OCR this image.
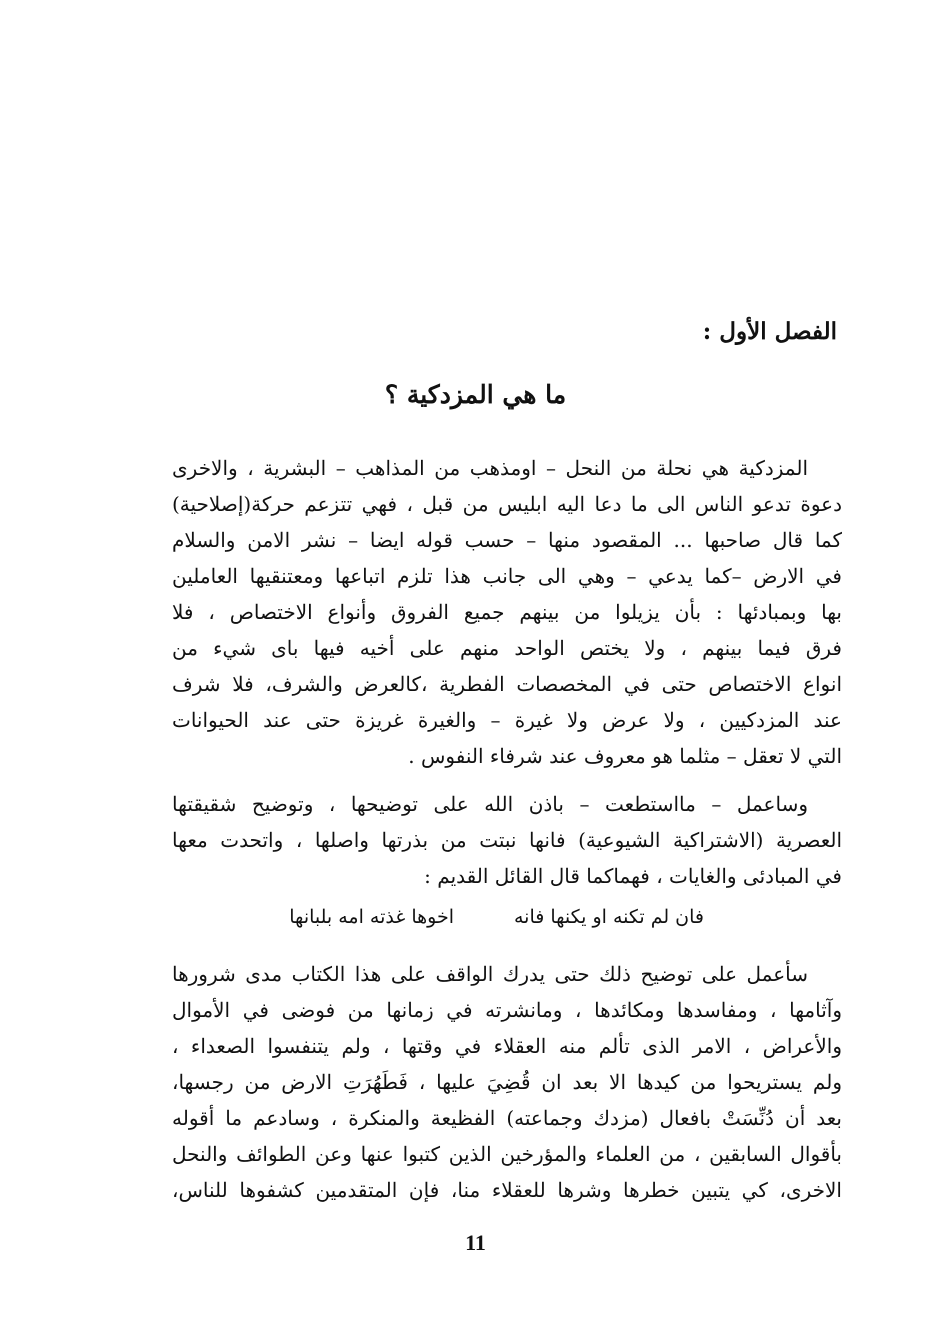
الفصل الأول :
ما هي المزدكية ؟
المزدكية هي نحلة من النحل – اومذهب من المذاهب – البشرية ، والاخرى
دعوة تدعو الناس الى ما دعا اليه ابليس من قبل ، فهي تتزعم حركة(إصلاحية)
كما قال صاحبها ... المقصود منها – حسب قوله ايضا – نشر الامن والسلام
في الارض –كما يدعي – وهي الى جانب هذا تلزم اتباعها ومعتنقيها العاملين
بها وبمبادئها : بأن يزيلوا من بينهم جميع الفروق وأنواع الاختصاص ، فلا
فرق فيما بينهم ، ولا يختص الواحد منهم على أخيه فيها باى شيء من
انواع الاختصاص حتى في المخصصات الفطرية ،كالعرض والشرف، فلا شرف
عند المزدكيين ، ولا عرض ولا غيرة – والغيرة غريزة حتى عند الحيوانات
التي لا تعقل – مثلما هو معروف عند شرفاء النفوس .
وساعمل – مااستطعت – باذن الله على توضيحها ، وتوضيح شقيقتها
العصرية (الاشتراكية الشيوعية) فانها نبتت من بذرتها واصلها ، واتحدت معها
في المبادئى والغايات ، فهماكما قال القائل القديم :
فان لم تكنه او يكنها فانه
اخوها غذته امه بلبانها
سأعمل على توضيح ذلك حتى يدرك الواقف على هذا الكتاب مدى شرورها
وآثامها ، ومفاسدها ومكائدها ، ومانشرته في زمانها من فوضى في الأموال
والأعراض ، الامر الذى تألم منه العقلاء في وقتها ، ولم يتنفسوا الصعداء ،
ولم يستريحوا من كيدها الا بعد ان قُضِيَ عليها ، فَطَهُرَتِ الارض من رجسها،
بعد أن دُنِّسَتْ بافعال (مزدك وجماعته) الفظيعة والمنكرة ، وسادعم ما أقوله
بأقوال السابقين ، من العلماء والمؤرخين الذين كتبوا عنها وعن الطوائف والنحل
الاخرى، كي يتبين خطرها وشرها للعقلاء منا، فإن المتقدمين كشفوها للناس،
11
